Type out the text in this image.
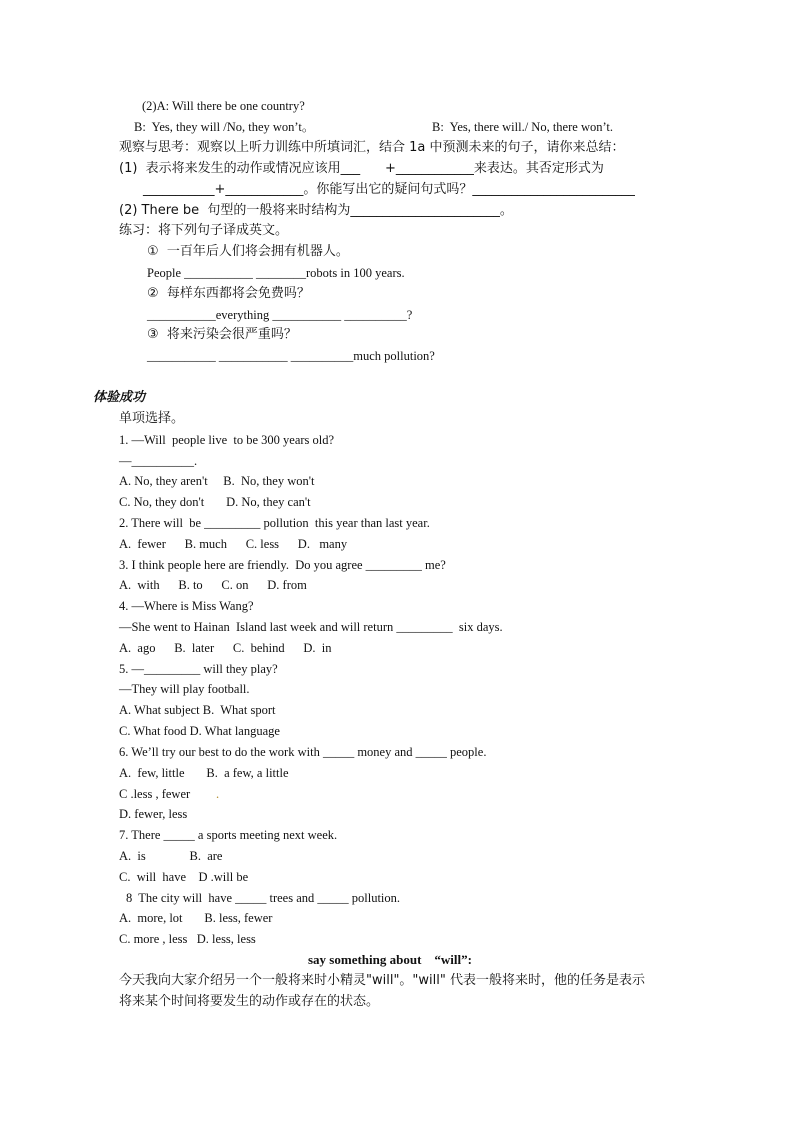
(2)A: Will there be one country?
B:  Yes, they will /No, they won’t。	B:  Yes, there will./ No, there won’t.
观察与思考：观察以上听力训练中所填词汇，结合 1a 中预测未来的句子，请你来总结：
(1)  表示将来发生的动作或情况应该用___      +____________来表达。其否定形式为
___________+____________。你能写出它的疑问句式吗？_________________________
(2) There be  句型的一般将来时结构为_______________________。
练习：将下列句子译成英文。
①  一百年后人们将会拥有机器人。
People ___________ ________robots in 100 years.
②  每样东西都将会免费吗？
___________everything ___________ __________?
③  将来污染会很严重吗？
___________ ___________ __________much pollution?
体验成功
单项选择。
1. —Will  people live  to be 300 years old?
—__________.
A. No, they aren't     B.  No, they won't
C. No, they don't       D. No, they can't
2. There will  be _________ pollution  this year than last year.
A.  fewer      B. much      C. less      D.   many
3. I think people here are friendly.  Do you agree _________ me?
A.  with      B. to      C. on      D. from
4. —Where is Miss Wang?
—She went to Hainan  Island last week and will return _________  six days.
A.  ago      B.  later      C.  behind      D.  in
5. —_________ will they play?
—They will play football.
A. What subject B.  What sport
C. What food D. What language
6. We’ll try our best to do the work with _____ money and _____ people.
A.  few, little       B.  a few, a little
C .less , fewer .
D. fewer, less
7. There _____ a sports meeting next week.
A.  is              B.  are
C.  will  have    D .will be
8  The city will  have _____ trees and _____ pollution.
A.  more, lot       B. less, fewer
C. more , less   D. less, less
say something about    “will”:
今天我向大家介绍另一个一般将来时小精灵"will"。"will" 代表一般将来时，他的任务是表示
将来某个时间将要发生的动作或存在的状态。
